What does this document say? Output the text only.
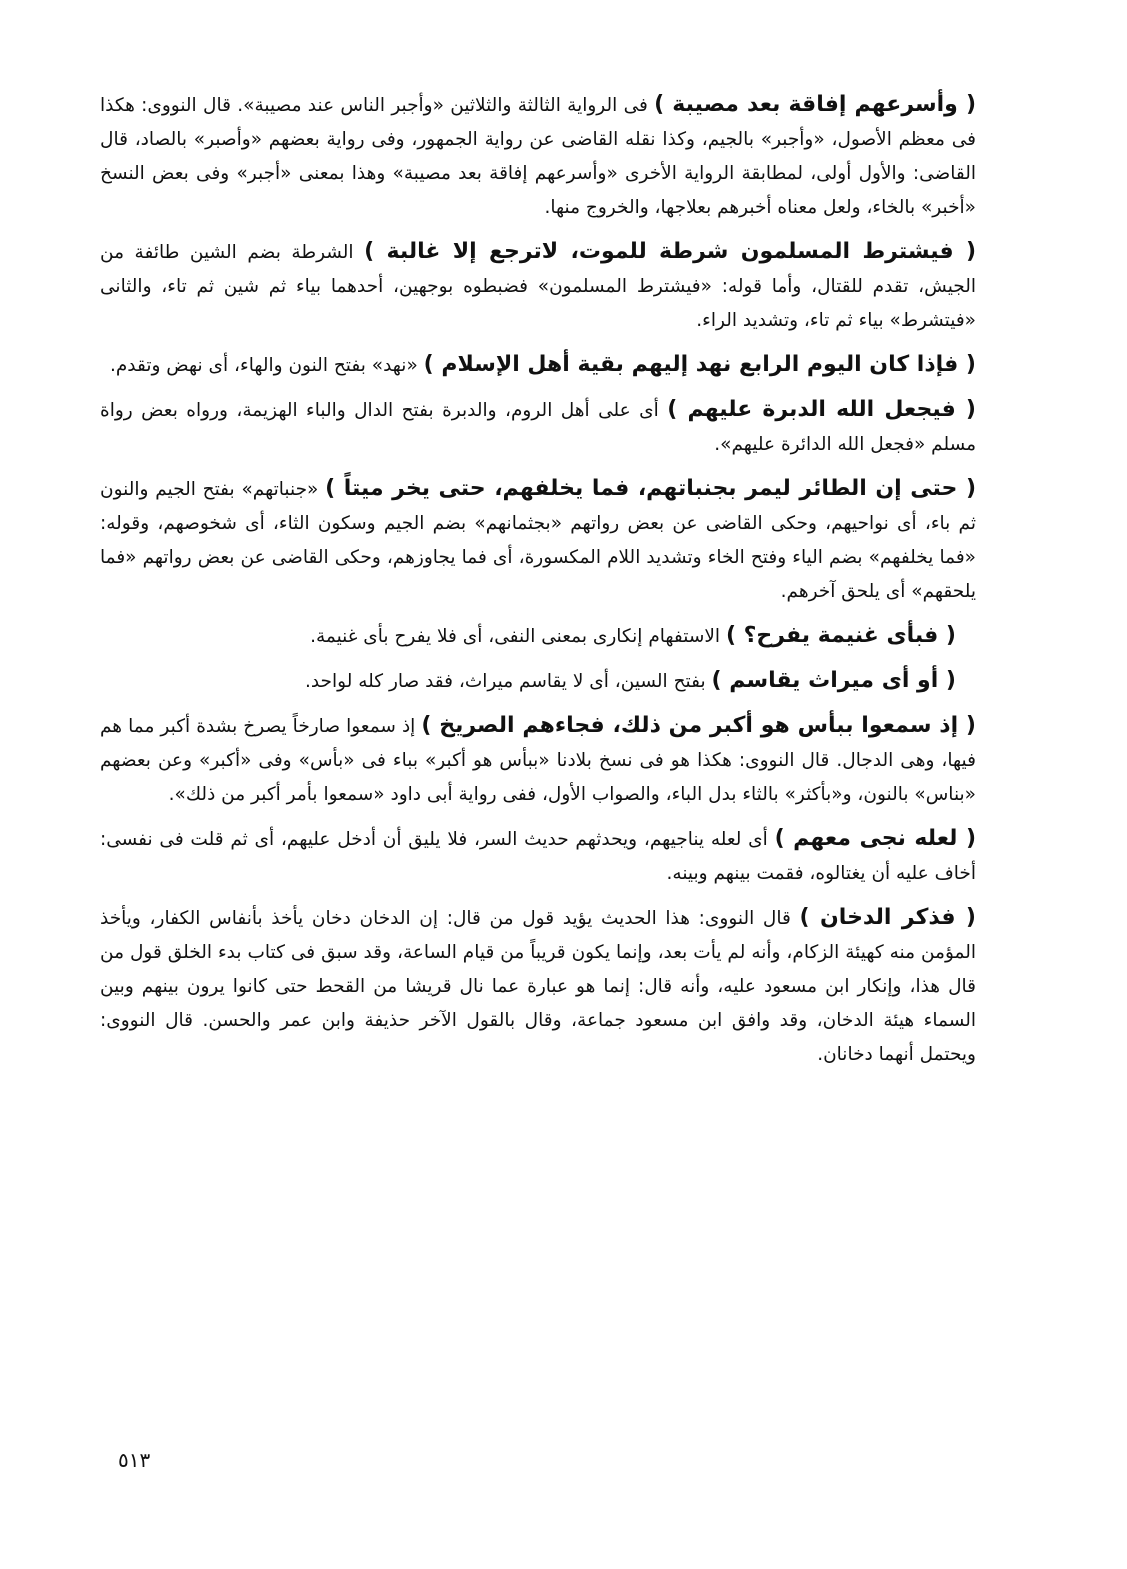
( وأسرعهم إفاقة بعد مصيبة ) فى الرواية الثالثة والثلاثين «وأجبر الناس عند مصيبة». قال النووى: هكذا فى معظم الأصول، «وأجبر» بالجيم، وكذا نقله القاضى عن رواية الجمهور، وفى رواية بعضهم «وأصبر» بالصاد، قال القاضى: والأول أولى، لمطابقة الرواية الأخرى «وأسرعهم إفاقة بعد مصيبة» وهذا بمعنى «أجبر» وفى بعض النسخ «أخبر» بالخاء، ولعل معناه أخبرهم بعلاجها، والخروج منها.

( فيشترط المسلمون شرطة للموت، لاترجع إلا غالبة ) الشرطة بضم الشين طائفة من الجيش، تقدم للقتال، وأما قوله: «فيشترط المسلمون» فضبطوه بوجهين، أحدهما بياء ثم شين ثم تاء، والثانى «فيتشرط» بياء ثم تاء، وتشديد الراء.

( فإذا كان اليوم الرابع نهد إليهم بقية أهل الإسلام ) «نهد» بفتح النون والهاء، أى نهض وتقدم.

( فيجعل الله الدبرة عليهم ) أى على أهل الروم، والدبرة بفتح الدال والباء الهزيمة، ورواه بعض رواة مسلم «فجعل الله الدائرة عليهم».

( حتى إن الطائر ليمر بجنباتهم، فما يخلفهم، حتى يخر ميتاً ) «جنباتهم» بفتح الجيم والنون ثم باء، أى نواحيهم، وحكى القاضى عن بعض رواتهم «بجثمانهم» بضم الجيم وسكون الثاء، أى شخوصهم، وقوله: «فما يخلفهم» بضم الياء وفتح الخاء وتشديد اللام المكسورة، أى فما يجاوزهم، وحكى القاضى عن بعض رواتهم «فما يلحقهم» أى يلحق آخرهم.

( فبأى غنيمة يفرح؟ ) الاستفهام إنكارى بمعنى النفى، أى فلا يفرح بأى غنيمة.

( أو أى ميراث يقاسم ) بفتح السين، أى لا يقاسم ميراث، فقد صار كله لواحد.

( إذ سمعوا ببأس هو أكبر من ذلك، فجاءهم الصريخ ) إذ سمعوا صارخاً يصرخ بشدة أكبر مما هم فيها، وهى الدجال. قال النووى: هكذا هو فى نسخ بلادنا «ببأس هو أكبر» بباء فى «بأس» وفى «أكبر» وعن بعضهم «بناس» بالنون، و«بأكثر» بالثاء بدل الباء، والصواب الأول، ففى رواية أبى داود «سمعوا بأمر أكبر من ذلك».

( لعله نجى معهم ) أى لعله يناجيهم، ويحدثهم حديث السر، فلا يليق أن أدخل عليهم، أى ثم قلت فى نفسى: أخاف عليه أن يغتالوه، فقمت بينهم وبينه.

( فذكر الدخان ) قال النووى: هذا الحديث يؤيد قول من قال: إن الدخان دخان يأخذ بأنفاس الكفار، ويأخذ المؤمن منه كهيئة الزكام، وأنه لم يأت بعد، وإنما يكون قريباً من قيام الساعة، وقد سبق فى كتاب بدء الخلق قول من قال هذا، وإنكار ابن مسعود عليه، وأنه قال: إنما هو عبارة عما نال قريشا من القحط حتى كانوا يرون بينهم وبين السماء هيئة الدخان، وقد وافق ابن مسعود جماعة، وقال بالقول الآخر حذيفة وابن عمر والحسن. قال النووى: ويحتمل أنهما دخانان.

٥١٣
